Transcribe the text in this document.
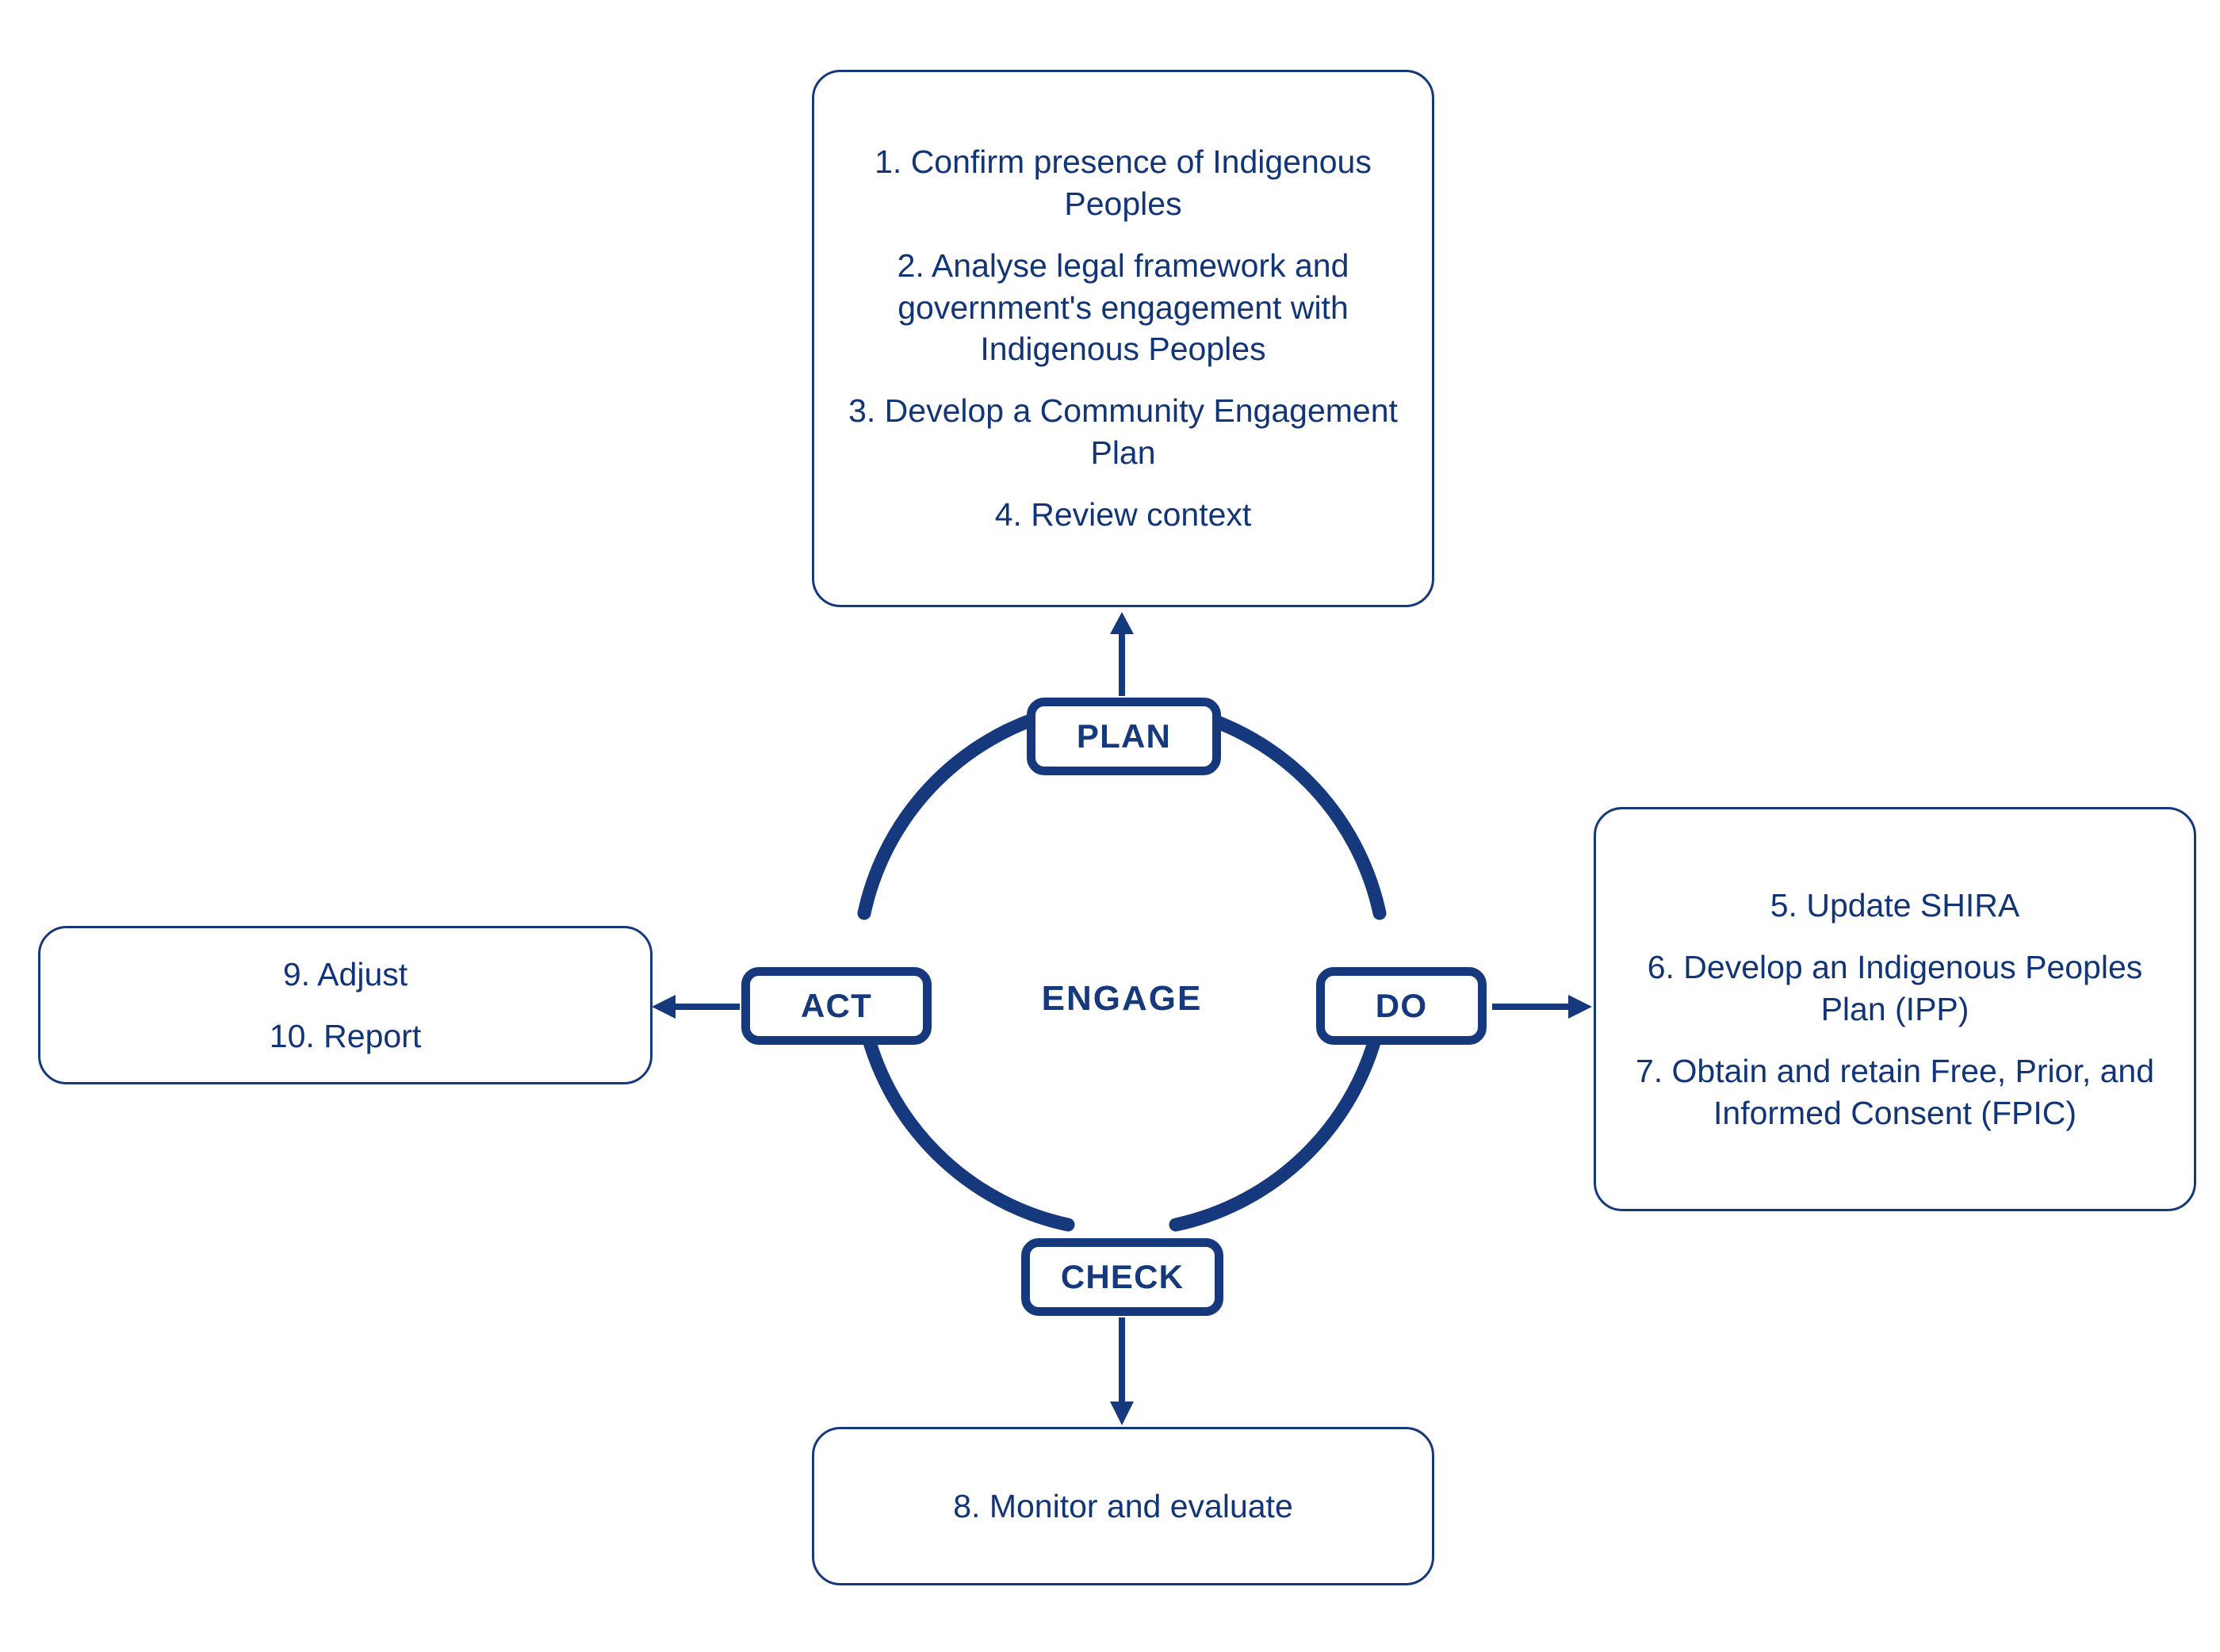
1. Confirm presence of Indigenous Peoples

2. Analyse legal framework and government's engagement with Indigenous Peoples

3. Develop a Community Engagement Plan

4. Review context

5. Update SHIRA

6. Develop an Indigenous Peoples Plan (IPP)

7. Obtain and retain Free, Prior, and Informed Consent (FPIC)

8. Monitor and evaluate

9. Adjust

10. Report

PLAN
DO
CHECK
ACT	ENGAGE
